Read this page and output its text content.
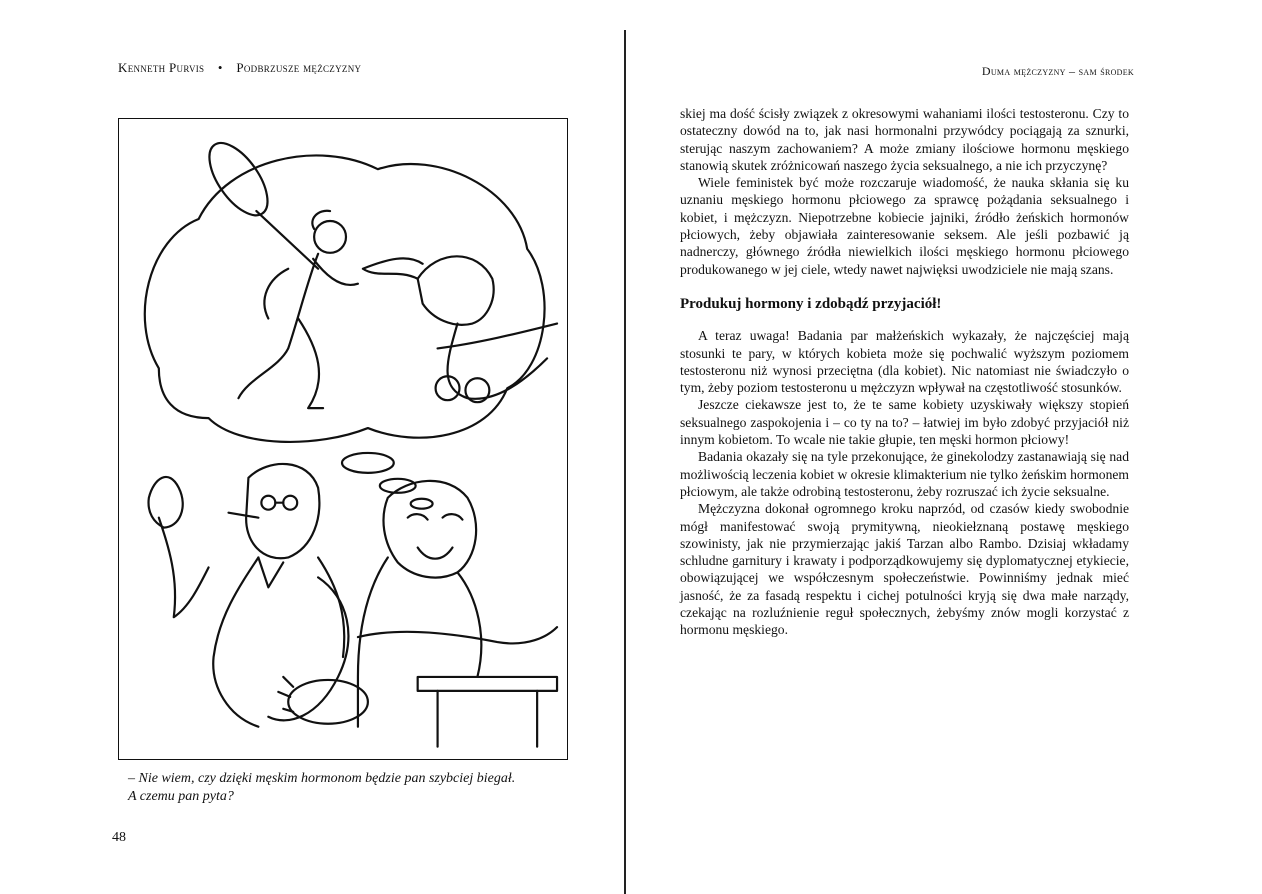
Kenneth Purvis • Podbrzusze mężczyzny	Duma mężczyzny – sam środek
– Nie wiem, czy dzięki męskim hormonom będzie pan szybciej biegał.
A czemu pan pyta?
48

skiej ma dość ścisły związek z okresowymi wahaniami ilości testosteronu. Czy to ostateczny dowód na to, jak nasi hormonalni przywódcy pociągają za sznurki, sterując naszym zachowaniem? A może zmiany ilościowe hormonu męskiego stanowią skutek zróżnicowań naszego życia seksualnego, a nie ich przyczynę?

Wiele feministek być może rozczaruje wiadomość, że nauka skłania się ku uznaniu męskiego hormonu płciowego za sprawcę pożądania seksualnego i kobiet, i mężczyzn. Niepotrzebne kobiecie jajniki, źródło żeńskich hormonów płciowych, żeby objawiała zainteresowanie seksem. Ale jeśli pozbawić ją nadnerczy, głównego źródła niewielkich ilości męskiego hormonu płciowego produkowanego w jej ciele, wtedy nawet najwięksi uwodziciele nie mają szans.

Produkuj hormony i zdobądź przyjaciół!

A teraz uwaga! Badania par małżeńskich wykazały, że najczęściej mają stosunki te pary, w których kobieta może się pochwalić wyższym poziomem testosteronu niż wynosi przeciętna (dla kobiet). Nic natomiast nie świadczyło o tym, żeby poziom testosteronu u mężczyzn wpływał na częstotliwość stosunków.

Jeszcze ciekawsze jest to, że te same kobiety uzyskiwały większy stopień seksualnego zaspokojenia i – co ty na to? – łatwiej im było zdobyć przyjaciół niż innym kobietom. To wcale nie takie głupie, ten męski hormon płciowy!

Badania okazały się na tyle przekonujące, że ginekolodzy zastanawiają się nad możliwością leczenia kobiet w okresie klimakterium nie tylko żeńskim hormonem płciowym, ale także odrobiną testosteronu, żeby rozruszać ich życie seksualne.

Mężczyzna dokonał ogromnego kroku naprzód, od czasów kiedy swobodnie mógł manifestować swoją prymitywną, nieokiełznaną postawę męskiego szowinisty, jak nie przymierzając jakiś Tarzan albo Rambo. Dzisiaj wkładamy schludne garnitury i krawaty i podporządkowujemy się dyplomatycznej etykiecie, obowiązującej we współczesnym społeczeństwie. Powinniśmy jednak mieć jasność, że za fasadą respektu i cichej potulności kryją się dwa małe narządy, czekając na rozluźnienie reguł społecznych, żebyśmy znów mogli korzystać z hormonu męskiego.
